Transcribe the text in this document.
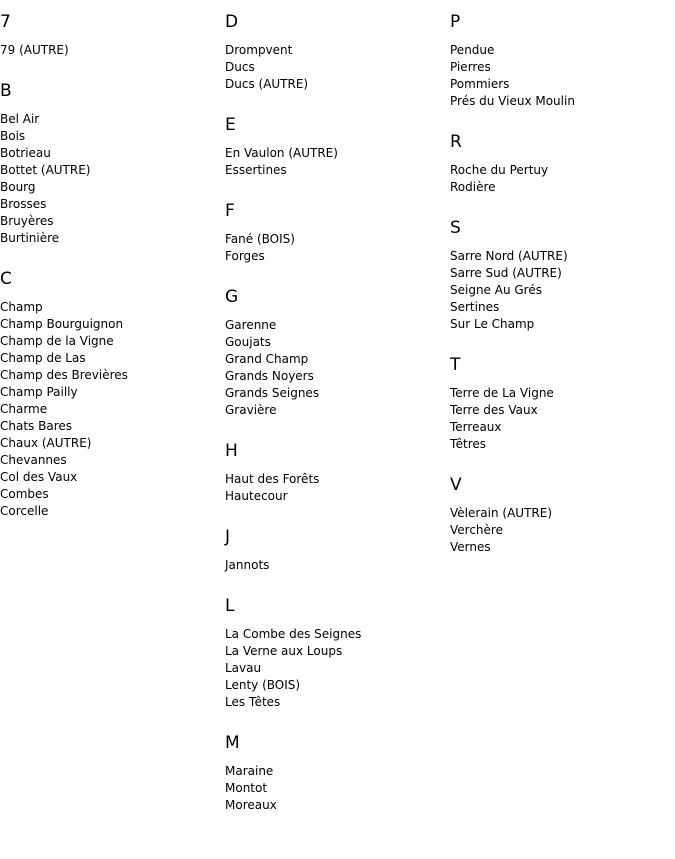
7
79 (AUTRE)
B
Bel Air
Bois
Botrieau
Bottet (AUTRE)
Bourg
Brosses
Bruyères
Burtinière
C
Champ
Champ Bourguignon
Champ de la Vigne
Champ de Las
Champ des Brevières
Champ Pailly
Charme
Chats Bares
Chaux (AUTRE)
Chevannes
Col des Vaux
Combes
Corcelle
D
Drompvent
Ducs
Ducs (AUTRE)
E
En Vaulon (AUTRE)
Essertines
F
Fané (BOIS)
Forges
G
Garenne
Goujats
Grand Champ
Grands Noyers
Grands Seignes
Gravière
H
Haut des Forêts
Hautecour
J
Jannots
L
La Combe des Seignes
La Verne aux Loups
Lavau
Lenty (BOIS)
Les Têtes
M
Maraine
Montot
Moreaux
P
Pendue
Pierres
Pommiers
Prés du Vieux Moulin
R
Roche du Pertuy
Rodière
S
Sarre Nord (AUTRE)
Sarre Sud (AUTRE)
Seigne Au Grés
Sertines
Sur Le Champ
T
Terre de La Vigne
Terre des Vaux
Terreaux
Têtres
V
Vèlerain (AUTRE)
Verchère
Vernes
